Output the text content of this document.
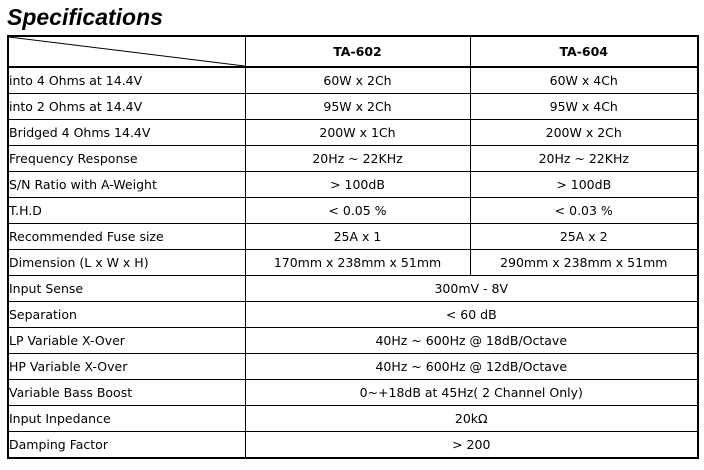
Specifications
	TA-602	TA-604
into 4 Ohms at 14.4V	60W x 2Ch	60W x 4Ch
into 2 Ohms at 14.4V	95W x 2Ch	95W x 4Ch
Bridged 4 Ohms 14.4V	200W x 1Ch	200W x 2Ch
Frequency Response	20Hz ~ 22KHz	20Hz ~ 22KHz
S/N Ratio with A-Weight	> 100dB	> 100dB
T.H.D	< 0.05 %	< 0.03 %
Recommended Fuse size	25A x 1	25A x 2
Dimension (L x W x H)	170mm x 238mm x 51mm	290mm x 238mm x 51mm
Input Sense	300mV - 8V	
Separation	< 60 dB	
LP Variable X-Over	40Hz ~ 600Hz @ 18dB/Octave	
HP Variable X-Over	40Hz ~ 600Hz @ 12dB/Octave	
Variable Bass Boost	0~+18dB at 45Hz( 2 Channel Only)	
Input Inpedance	20kΩ	
Damping Factor	> 200	
